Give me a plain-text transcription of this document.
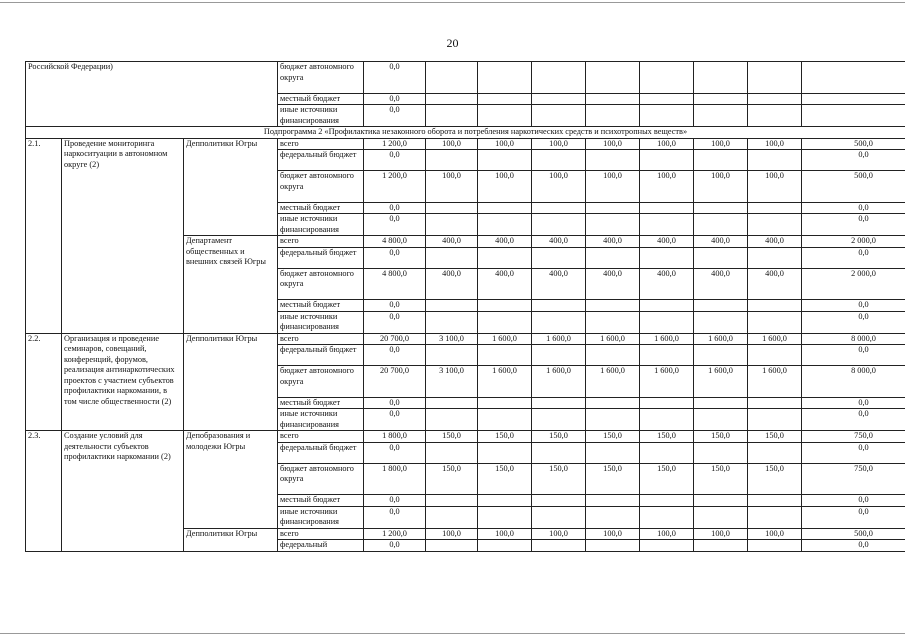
20
Российской Федерации)			бюджет автономного округа	0,0								
			местный бюджет	0,0								
			иные источники финансирования	0,0								
Подпрограмма 2 «Профилактика незаконного оборота и потребления наркотических средств и психотропных веществ»												
2.1.	Проведение мониторинга наркоситуации в автономном округе (2)	Депполитики Югры	всего	1 200,0	100,0	100,0	100,0	100,0	100,0	100,0	100,0	500,0
			федеральный бюджет	0,0								0,0
			бюджет автономного округа	1 200,0	100,0	100,0	100,0	100,0	100,0	100,0	100,0	500,0
			местный бюджет	0,0								0,0
			иные источники финансирования	0,0								0,0
		Департамент общественных и внешних связей Югры	всего	4 800,0	400,0	400,0	400,0	400,0	400,0	400,0	400,0	2 000,0
			федеральный бюджет	0,0								0,0
			бюджет автономного округа	4 800,0	400,0	400,0	400,0	400,0	400,0	400,0	400,0	2 000,0
			местный бюджет	0,0								0,0
			иные источники финансирования	0,0								0,0
2.2.	Организация и проведение семинаров, совещаний, конференций, форумов, реализация антинаркотических проектов с участием субъектов профилактики наркомании, в том числе общественности (2)	Депполитики Югры	всего	20 700,0	3 100,0	1 600,0	1 600,0	1 600,0	1 600,0	1 600,0	1 600,0	8 000,0
			федеральный бюджет	0,0								0,0
			бюджет автономного округа	20 700,0	3 100,0	1 600,0	1 600,0	1 600,0	1 600,0	1 600,0	1 600,0	8 000,0
			местный бюджет	0,0								0,0
			иные источники финансирования	0,0								0,0
2.3.	Создание условий для деятельности субъектов профилактики наркомании (2)	Депобразования и молодежи Югры	всего	1 800,0	150,0	150,0	150,0	150,0	150,0	150,0	150,0	750,0
			федеральный бюджет	0,0								0,0
			бюджет автономного округа	1 800,0	150,0	150,0	150,0	150,0	150,0	150,0	150,0	750,0
			местный бюджет	0,0								0,0
			иные источники финансирования	0,0								0,0
		Депполитики Югры	всего	1 200,0	100,0	100,0	100,0	100,0	100,0	100,0	100,0	500,0
			федеральный	0,0								0,0
